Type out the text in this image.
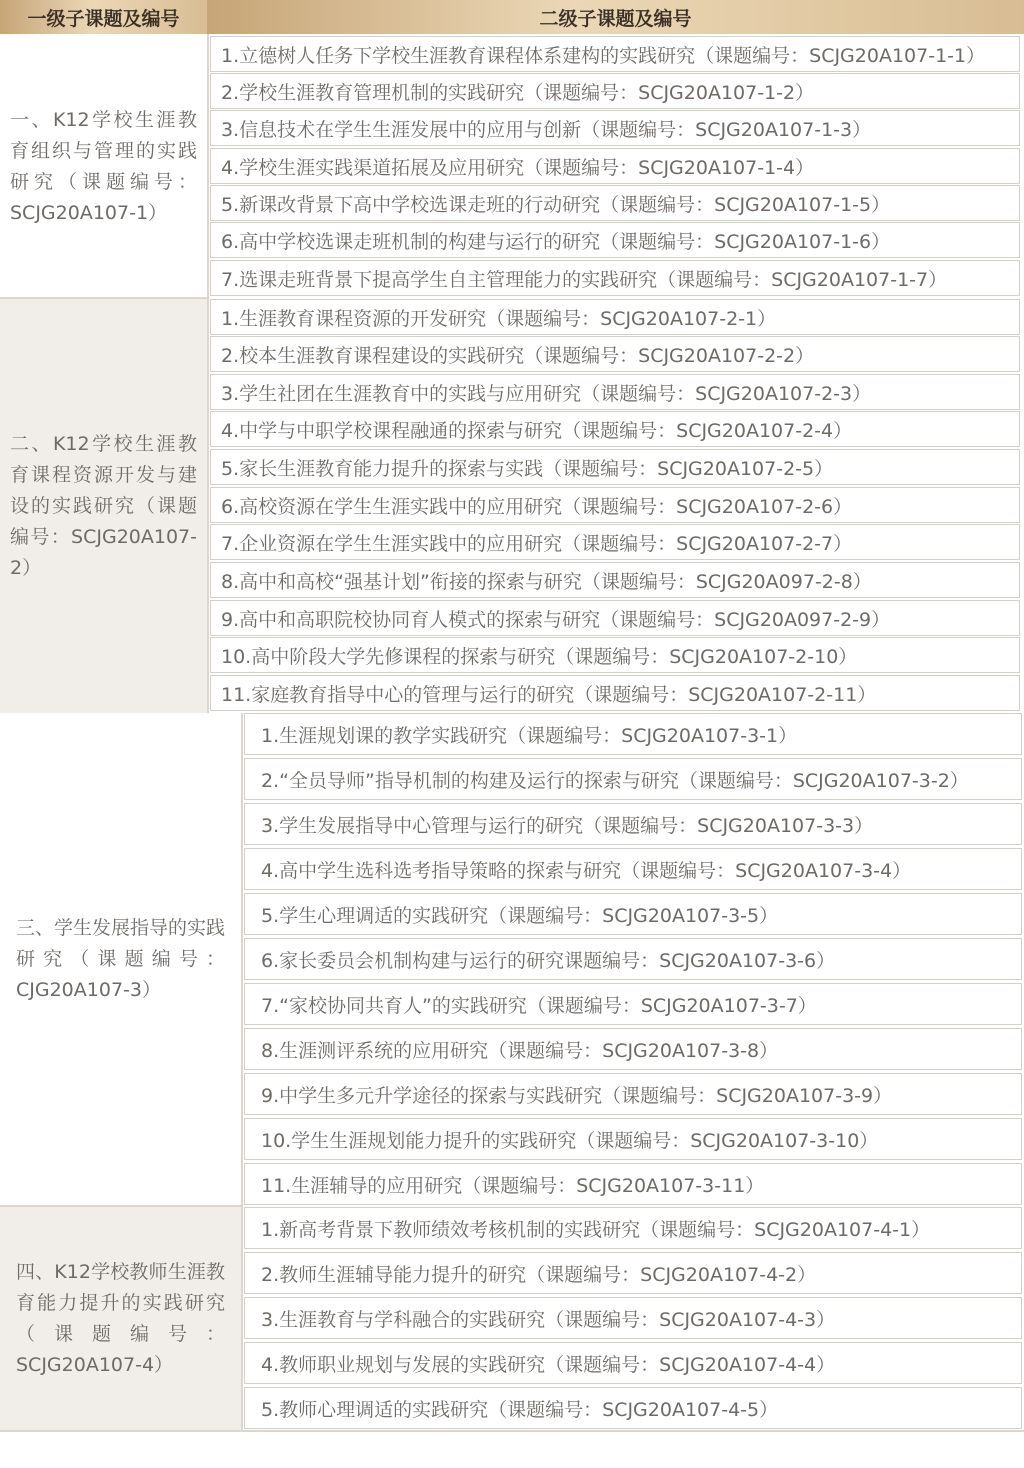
一级子课题及编号	二级子课题及编号
一、K12学校生涯教育组织与管理的实践研究（课题编号：SCJG20A107-1）
二、K12学校生涯教育课程资源开发与建设的实践研究（课题编号：SCJG20A107-2）
三、学生发展指导的实践研究（课题编号：CJG20A107-3）
四、K12学校教师生涯教育能力提升的实践研究（课题编号：SCJG20A107-4）
1.立德树人任务下学校生涯教育课程体系建构的实践研究（课题编号：SCJG20A107-1-1）
2.学校生涯教育管理机制的实践研究（课题编号：SCJG20A107-1-2）
3.信息技术在学生生涯发展中的应用与创新（课题编号：SCJG20A107-1-3）
4.学校生涯实践渠道拓展及应用研究（课题编号：SCJG20A107-1-4）
5.新课改背景下高中学校选课走班的行动研究（课题编号：SCJG20A107-1-5）
6.高中学校选课走班机制的构建与运行的研究（课题编号：SCJG20A107-1-6）
7.选课走班背景下提高学生自主管理能力的实践研究（课题编号：SCJG20A107-1-7）
1.生涯教育课程资源的开发研究（课题编号：SCJG20A107-2-1）
2.校本生涯教育课程建设的实践研究（课题编号：SCJG20A107-2-2）
3.学生社团在生涯教育中的实践与应用研究（课题编号：SCJG20A107-2-3）
4.中学与中职学校课程融通的探索与研究（课题编号：SCJG20A107-2-4）
5.家长生涯教育能力提升的探索与实践（课题编号：SCJG20A107-2-5）
6.高校资源在学生生涯实践中的应用研究（课题编号：SCJG20A107-2-6）
7.企业资源在学生生涯实践中的应用研究（课题编号：SCJG20A107-2-7）
8.高中和高校“强基计划”衔接的探索与研究（课题编号：SCJG20A097-2-8）
9.高中和高职院校协同育人模式的探索与研究（课题编号：SCJG20A097-2-9）
10.高中阶段大学先修课程的探索与研究（课题编号：SCJG20A107-2-10）
11.家庭教育指导中心的管理与运行的研究（课题编号：SCJG20A107-2-11）
1.生涯规划课的教学实践研究（课题编号：SCJG20A107-3-1）
2.“全员导师”指导机制的构建及运行的探索与研究（课题编号：SCJG20A107-3-2）
3.学生发展指导中心管理与运行的研究（课题编号：SCJG20A107-3-3）
4.高中学生选科选考指导策略的探索与研究（课题编号：SCJG20A107-3-4）
5.学生心理调适的实践研究（课题编号：SCJG20A107-3-5）
6.家长委员会机制构建与运行的研究课题编号：SCJG20A107-3-6）
7.“家校协同共育人”的实践研究（课题编号：SCJG20A107-3-7）
8.生涯测评系统的应用研究（课题编号：SCJG20A107-3-8）
9.中学生多元升学途径的探索与实践研究（课题编号：SCJG20A107-3-9）
10.学生生涯规划能力提升的实践研究（课题编号：SCJG20A107-3-10）
11.生涯辅导的应用研究（课题编号：SCJG20A107-3-11）
1.新高考背景下教师绩效考核机制的实践研究（课题编号：SCJG20A107-4-1）
2.教师生涯辅导能力提升的研究（课题编号：SCJG20A107-4-2）
3.生涯教育与学科融合的实践研究（课题编号：SCJG20A107-4-3）
4.教师职业规划与发展的实践研究（课题编号：SCJG20A107-4-4）
5.教师心理调适的实践研究（课题编号：SCJG20A107-4-5）
